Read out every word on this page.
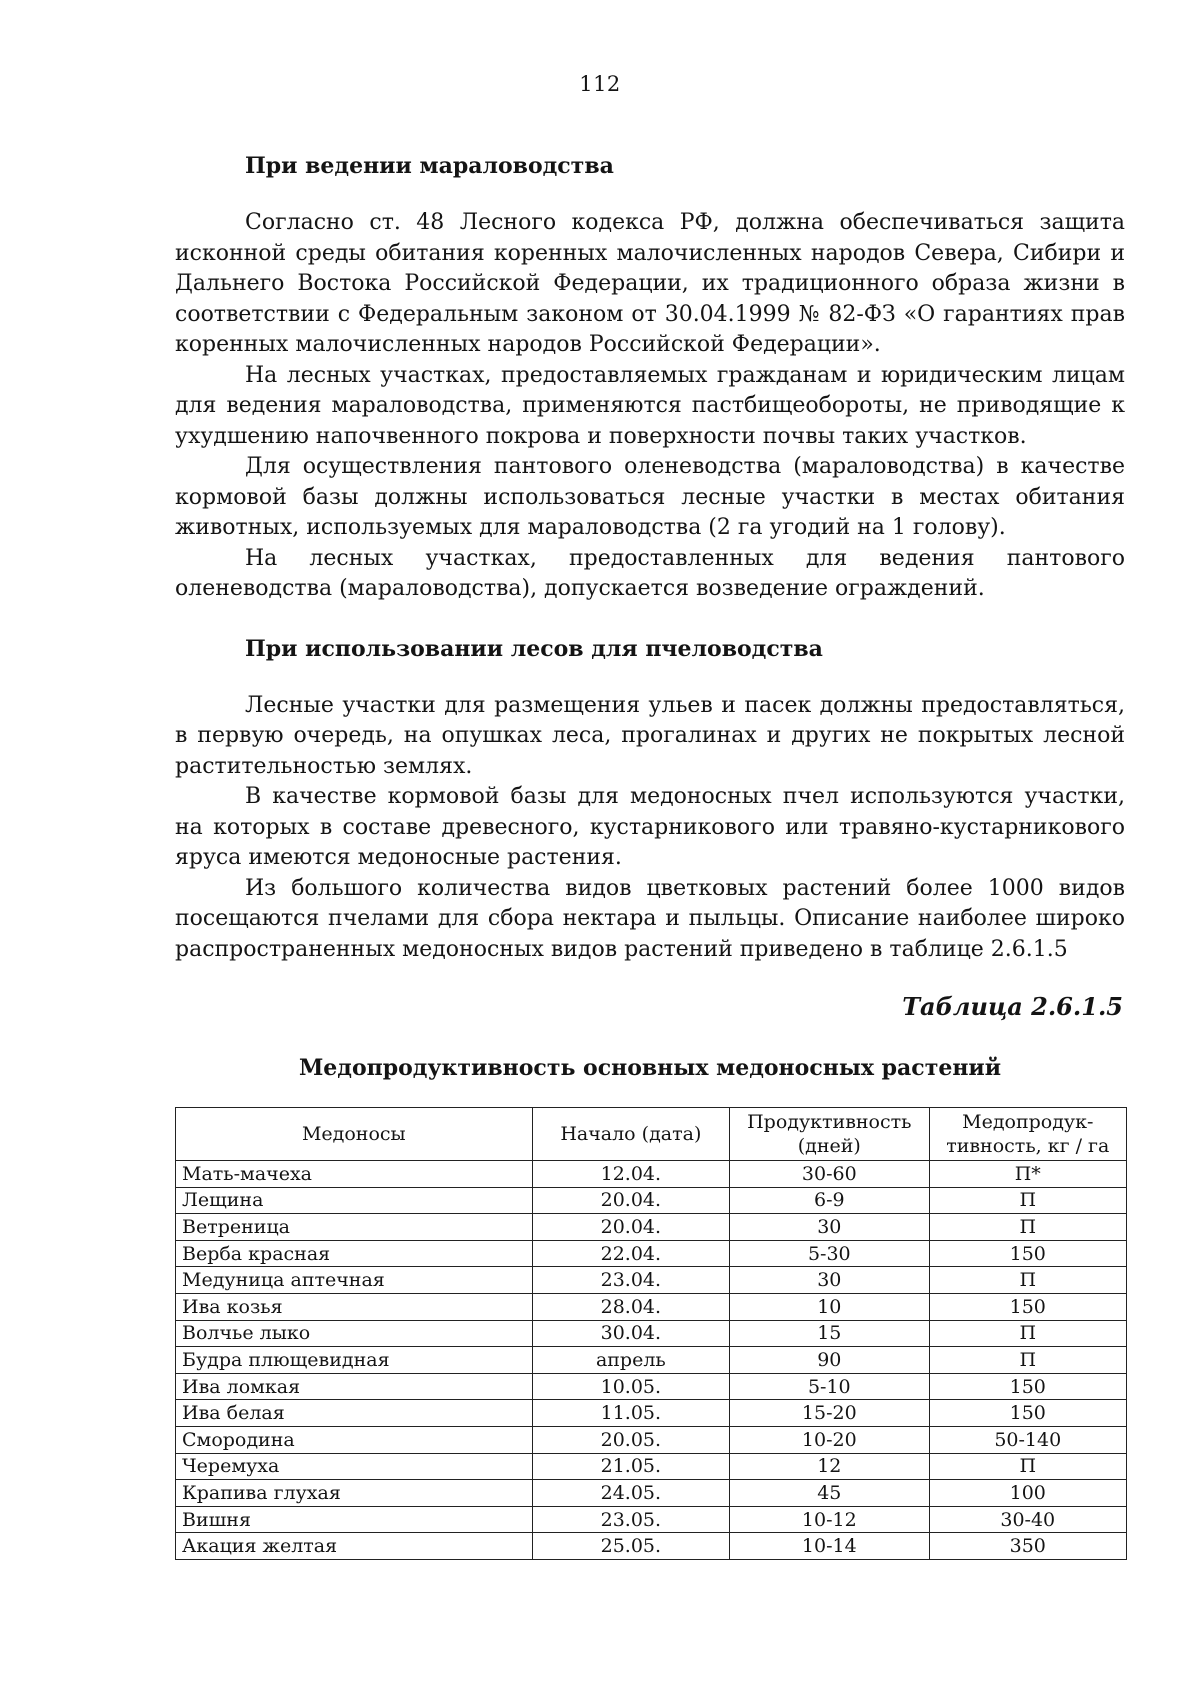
112
При ведении мараловодства

Согласно ст. 48 Лесного кодекса РФ, должна обеспечиваться защита исконной среды обитания коренных малочисленных народов Севера, Сибири и Дальнего Востока Российской Федерации, их традиционного образа жизни в соответствии с Федеральным законом от 30.04.1999 № 82-ФЗ «О гарантиях прав коренных малочисленных народов Российской Федерации».

На лесных участках, предоставляемых гражданам и юридическим лицам для ведения мараловодства, применяются пастбищеобороты, не приводящие к ухудшению напочвенного покрова и поверхности почвы таких участков.

Для осуществления пантового оленеводства (мараловодства) в качестве кормовой базы должны использоваться лесные участки в местах обитания животных, используемых для мараловодства (2 га угодий на 1 голову).

На лесных участках, предоставленных для ведения пантового оленеводства (мараловодства), допускается возведение ограждений.

При использовании лесов для пчеловодства

Лесные участки для размещения ульев и пасек должны предоставляться, в первую очередь, на опушках леса, прогалинах и других не покрытых лесной растительностью землях.

В качестве кормовой базы для медоносных пчел используются участки, на которых в составе древесного, кустарникового или травяно-кустарникового яруса имеются медоносные растения.

Из большого количества видов цветковых растений более 1000 видов посещаются пчелами для сбора нектара и пыльцы. Описание наиболее широко распространенных медоносных видов растений приведено в таблице 2.6.1.5

Таблица 2.6.1.5
Медопродуктивность основных медоносных растений
Медоносы	Начало (дата)	Продуктивность (дней)	Медопродук-тивность, кг / га
Мать-мачеха	12.04.	30-60	П*
Лещина	20.04.	6-9	П
Ветреница	20.04.	30	П
Верба красная	22.04.	5-30	150
Медуница аптечная	23.04.	30	П
Ива козья	28.04.	10	150
Волчье лыко	30.04.	15	П
Будра плющевидная	апрель	90	П
Ива ломкая	10.05.	5-10	150
Ива белая	11.05.	15-20	150
Смородина	20.05.	10-20	50-140
Черемуха	21.05.	12	П
Крапива глухая	24.05.	45	100
Вишня	23.05.	10-12	30-40
Акация желтая	25.05.	10-14	350
